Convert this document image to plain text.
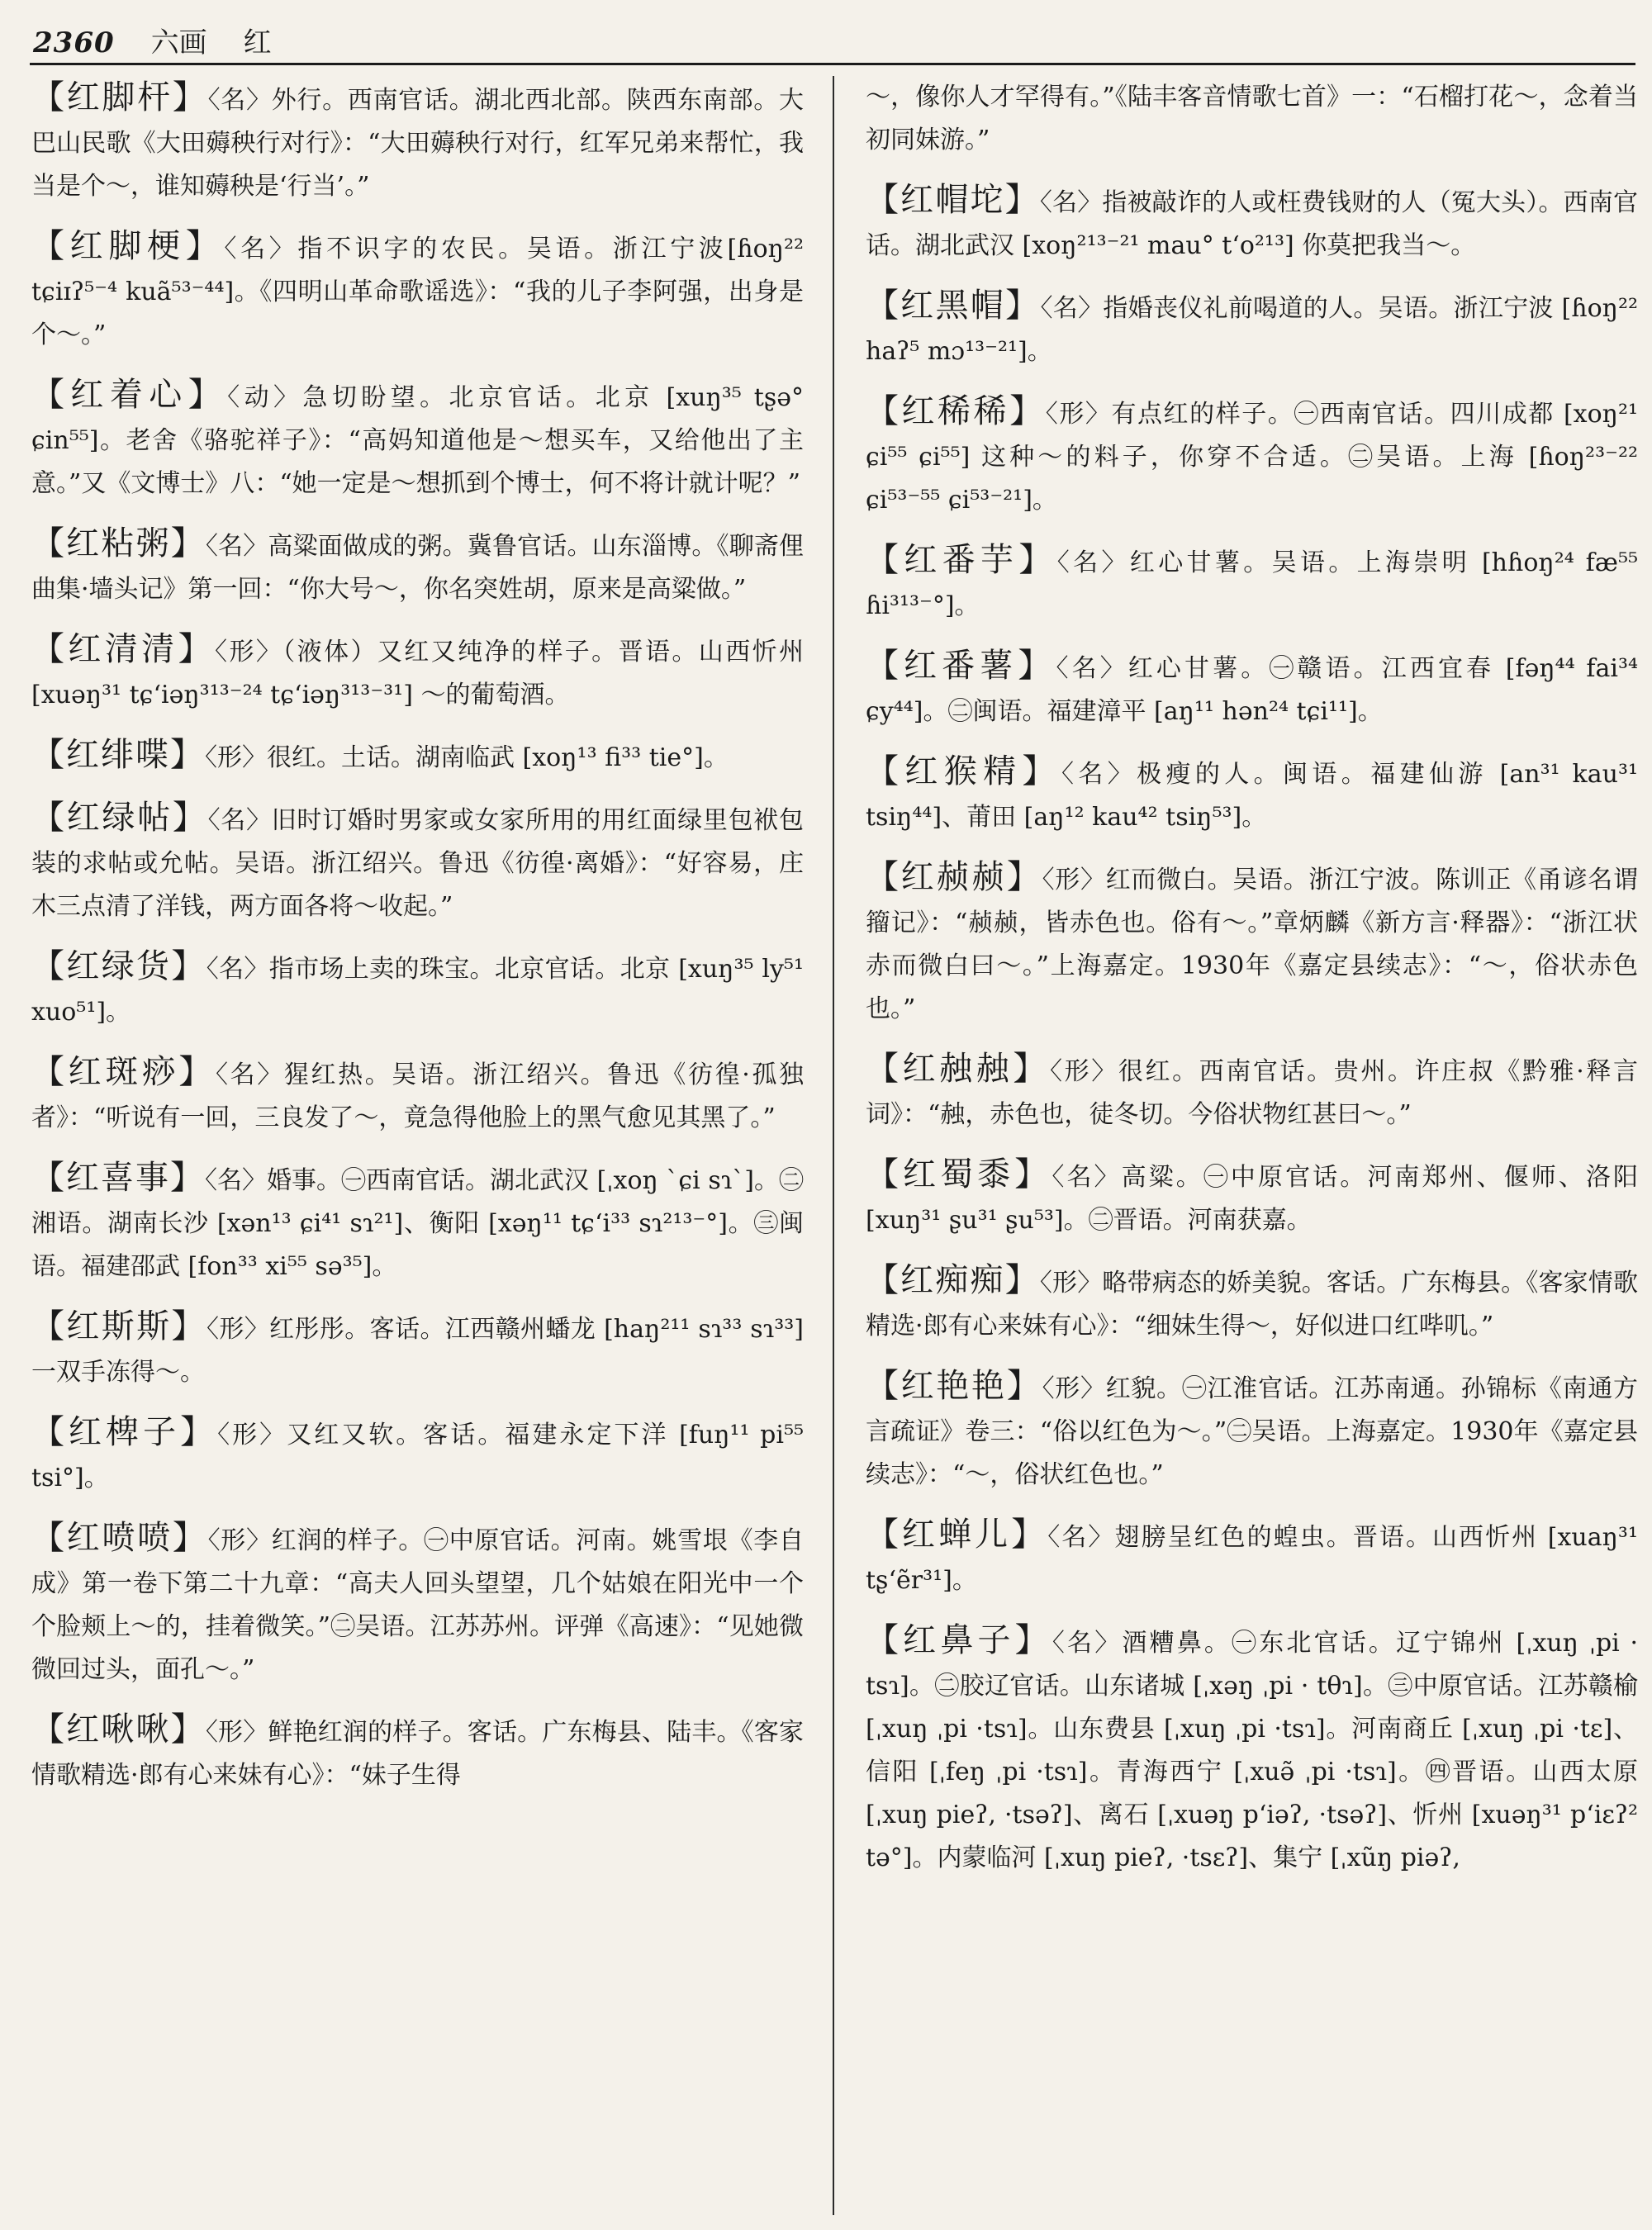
2360 六画 红

【红脚杆】〈名〉外行。西南官话。湖北西北部。陕西东南部。大巴山民歌《大田薅秧行对行》：“大田薅秧行对行，红军兄弟来帮忙，我当是个～，谁知薅秧是‘行当’。”

【红脚梗】〈名〉指不识字的农民。吴语。浙江宁波[ɦoŋ²² tɕiɪʔ⁵⁻⁴ kuã⁵³⁻⁴⁴]。《四明山革命歌谣选》：“我的儿子李阿强，出身是个～。”

【红着心】〈动〉急切盼望。北京官话。北京 [xuŋ³⁵ tʂə° ɕin⁵⁵]。老舍《骆驼祥子》：“高妈知道他是～想买车，又给他出了主意。”又《文博士》八：“她一定是～想抓到个博士，何不将计就计呢？”

【红粘粥】〈名〉高粱面做成的粥。冀鲁官话。山东淄博。《聊斋俚曲集·墙头记》第一回：“你大号～，你名突姓胡，原来是高粱做。”

【红清清】〈形〉（液体）又红又纯净的样子。晋语。山西忻州 [xuəŋ³¹ tɕʻiəŋ³¹³⁻²⁴ tɕʻiəŋ³¹³⁻³¹] ～的葡萄酒。

【红绯喋】〈形〉很红。土话。湖南临武 [xoŋ¹³ fi³³ tie°]。

【红绿帖】〈名〉旧时订婚时男家或女家所用的用红面绿里包袱包装的求帖或允帖。吴语。浙江绍兴。鲁迅《彷徨·离婚》：“好容易，庄木三点清了洋钱，两方面各将～收起。”

【红绿货】〈名〉指市场上卖的珠宝。北京官话。北京 [xuŋ³⁵ ly⁵¹ xuo⁵¹]。

【红斑痧】〈名〉猩红热。吴语。浙江绍兴。鲁迅《彷徨·孤独者》：“听说有一回，三良发了～，竟急得他脸上的黑气愈见其黑了。”

【红喜事】〈名〉婚事。㊀西南官话。湖北武汉 [ˌxoŋ ˋɕi sɿˋ]。㊁湘语。湖南长沙 [xən¹³ ɕi⁴¹ sɿ²¹]、衡阳 [xəŋ¹¹ tɕʻi³³ sɿ²¹³⁻°]。㊂闽语。福建邵武 [fon³³ xi⁵⁵ sə³⁵]。

【红斯斯】〈形〉红彤彤。客话。江西赣州蟠龙 [haŋ²¹¹ sɿ³³ sɿ³³] 一双手冻得～。

【红椑子】〈形〉又红又软。客话。福建永定下洋 [fuŋ¹¹ pi⁵⁵ tsi°]。

【红喷喷】〈形〉红润的样子。㊀中原官话。河南。姚雪垠《李自成》第一卷下第二十九章：“高夫人回头望望，几个姑娘在阳光中一个个脸颊上～的，挂着微笑。”㊁吴语。江苏苏州。评弹《高速》：“见她微微回过头，面孔～。”

【红啾啾】〈形〉鲜艳红润的样子。客话。广东梅县、陆丰。《客家情歌精选·郎有心来妹有心》：“妹子生得

～，像你人才罕得有。”《陆丰客音情歌七首》一：“石榴打花～，念着当初同妹游。”

【红帽坨】〈名〉指被敲诈的人或枉费钱财的人（冤大头）。西南官话。湖北武汉 [xoŋ²¹³⁻²¹ mau° tʻo²¹³] 你莫把我当～。

【红黑帽】〈名〉指婚丧仪礼前喝道的人。吴语。浙江宁波 [ɦoŋ²² haʔ⁵ mɔ¹³⁻²¹]。

【红稀稀】〈形〉有点红的样子。㊀西南官话。四川成都 [xoŋ²¹ ɕi⁵⁵ ɕi⁵⁵] 这种～的料子，你穿不合适。㊁吴语。上海 [ɦoŋ²³⁻²² ɕi⁵³⁻⁵⁵ ɕi⁵³⁻²¹]。

【红番芋】〈名〉红心甘薯。吴语。上海崇明 [hɦoŋ²⁴ fæ⁵⁵ ɦi³¹³⁻°]。

【红番薯】〈名〉红心甘薯。㊀赣语。江西宜春 [fəŋ⁴⁴ fai³⁴ ɕy⁴⁴]。㊁闽语。福建漳平 [aŋ¹¹ hən²⁴ tɕi¹¹]。

【红猴精】〈名〉极瘦的人。闽语。福建仙游 [an³¹ kau³¹ tsiŋ⁴⁴]、莆田 [aŋ¹² kau⁴² tsiŋ⁵³]。

【红赪赪】〈形〉红而微白。吴语。浙江宁波。陈训正《甬谚名谓籀记》：“赪赪，皆赤色也。俗有～。”章炳麟《新方言·释器》：“浙江状赤而微白曰～。”上海嘉定。1930年《嘉定县续志》：“～，俗状赤色也。”

【红赨赨】〈形〉很红。西南官话。贵州。许庄叔《黔雅·释言词》：“赨，赤色也，徒冬切。今俗状物红甚曰～。”

【红蜀黍】〈名〉高粱。㊀中原官话。河南郑州、偃师、洛阳 [xuŋ³¹ ʂu³¹ ʂu⁵³]。㊁晋语。河南获嘉。

【红痴痴】〈形〉略带病态的娇美貌。客话。广东梅县。《客家情歌精选·郎有心来妹有心》：“细妹生得～，好似进口红哔叽。”

【红艳艳】〈形〉红貌。㊀江淮官话。江苏南通。孙锦标《南通方言疏证》卷三：“俗以红色为～。”㊁吴语。上海嘉定。1930年《嘉定县续志》：“～，俗状红色也。”

【红蝉儿】〈名〉翅膀呈红色的蝗虫。晋语。山西忻州 [xuaŋ³¹ tʂʻẽr³¹]。

【红鼻子】〈名〉酒糟鼻。㊀东北官话。辽宁锦州 [ˌxuŋ ˌpi · tsɿ]。㊁胶辽官话。山东诸城 [ˌxəŋ ˌpi · tθɿ]。㊂中原官话。江苏赣榆 [ˌxuŋ ˌpi ·tsɿ]。山东费县 [ˌxuŋ ˌpi ·tsɿ]。河南商丘 [ˌxuŋ ˌpi ·tɛ]、信阳 [ˌfeŋ ˌpi ·tsɿ]。青海西宁 [ˌxuə̃ ˌpi ·tsɿ]。㊃晋语。山西太原 [ˌxuŋ pieʔ, ·tsəʔ]、离石 [ˌxuəŋ pʻiəʔ, ·tsəʔ]、忻州 [xuəŋ³¹ pʻiɛʔ² tə°]。内蒙临河 [ˌxuŋ pieʔ, ·tsɛʔ]、集宁 [ˌxũŋ piəʔ,
